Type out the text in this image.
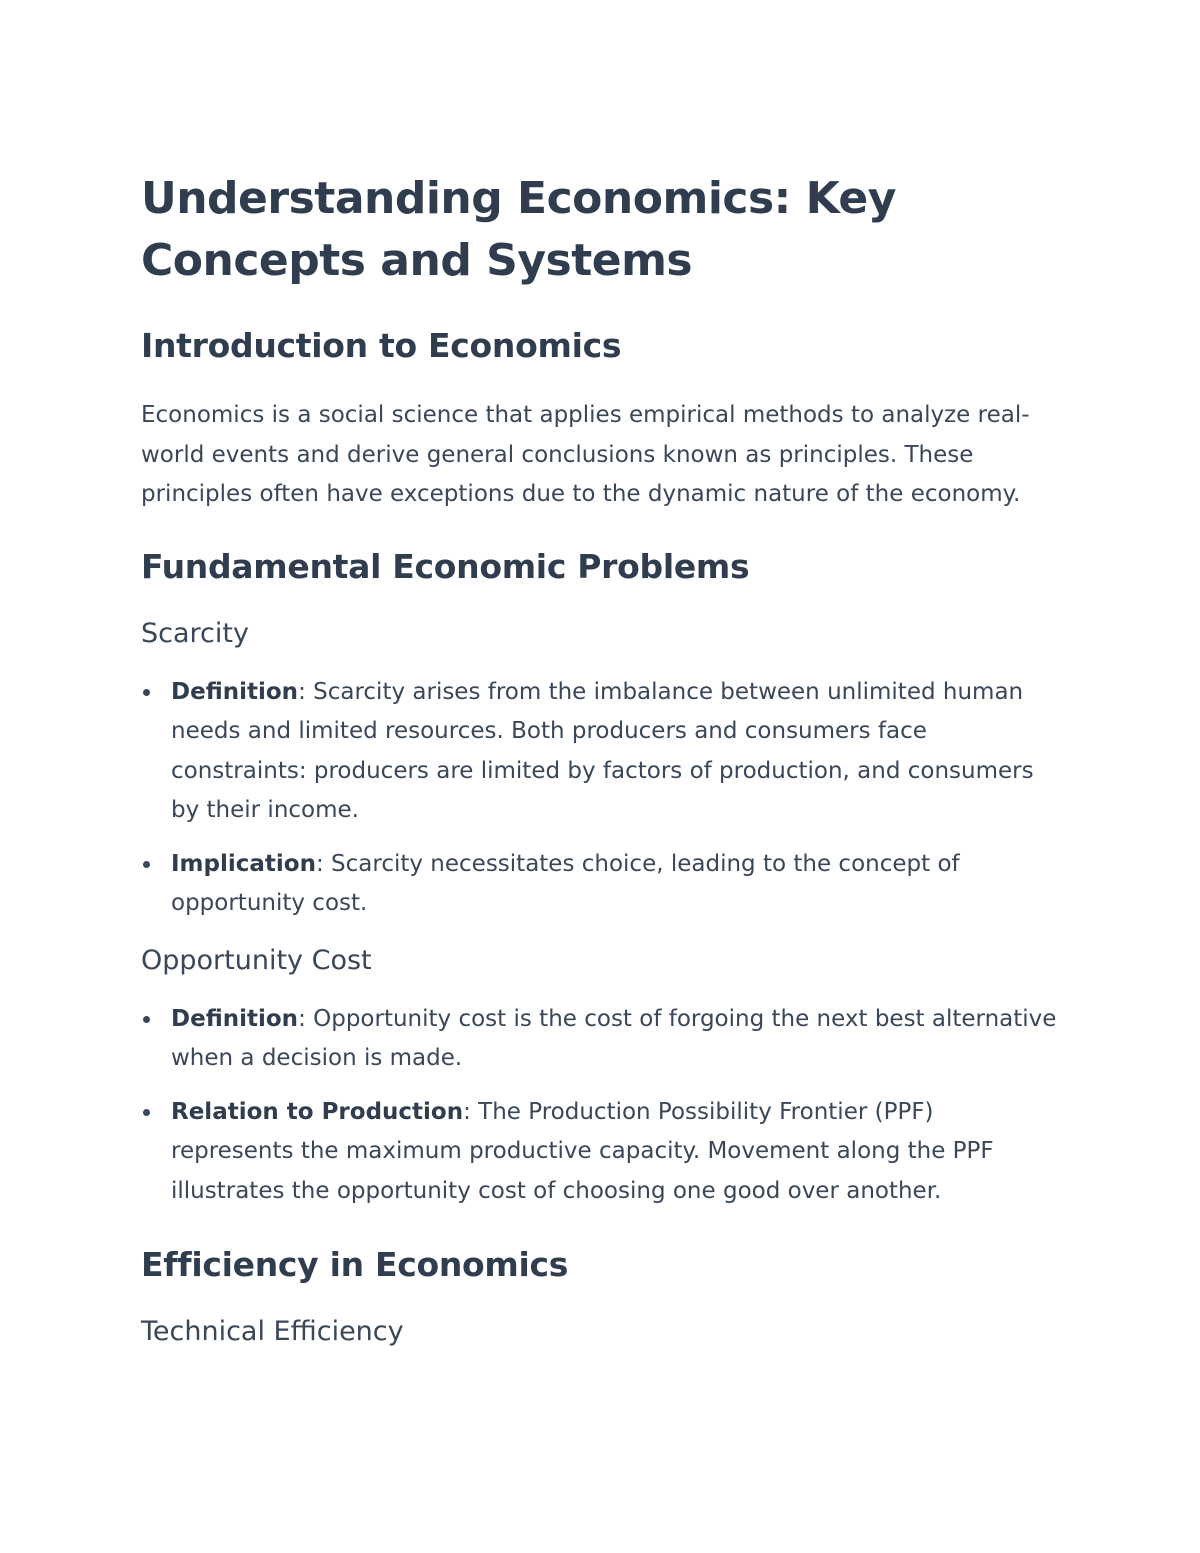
Understanding Economics: Key Concepts and Systems
Introduction to Economics

Economics is a social science that applies empirical methods to analyze real-world events and derive general conclusions known as principles. These principles often have exceptions due to the dynamic nature of the economy.

Fundamental Economic Problems
Scarcity
Definition: Scarcity arises from the imbalance between unlimited human needs and limited resources. Both producers and consumers face constraints: producers are limited by factors of production, and consumers by their income.
Implication: Scarcity necessitates choice, leading to the concept of opportunity cost.
Opportunity Cost
Definition: Opportunity cost is the cost of forgoing the next best alternative when a decision is made.
Relation to Production: The Production Possibility Frontier (PPF) represents the maximum productive capacity. Movement along the PPF illustrates the opportunity cost of choosing one good over another.
Efficiency in Economics
Technical Efficiency
